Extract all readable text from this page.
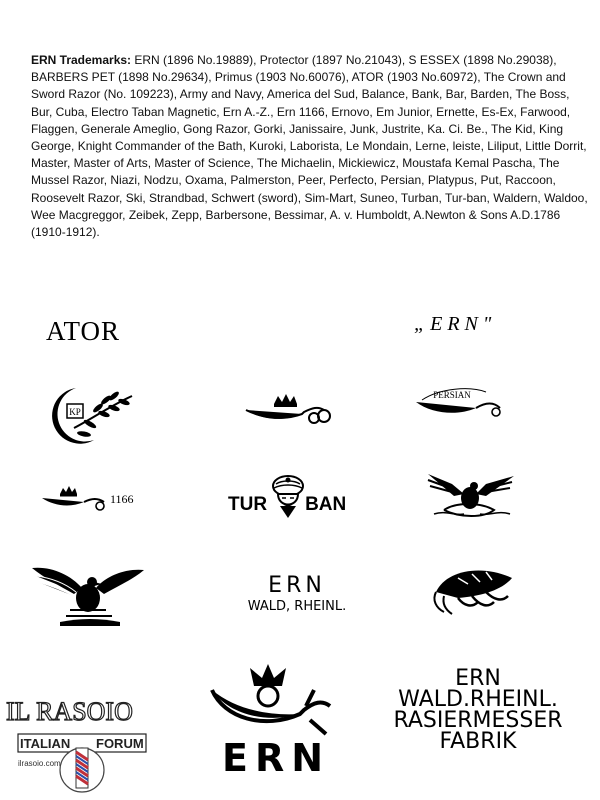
ERN Trademarks: ERN (1896 No.19889), Protector (1897 No.21043), S ESSEX (1898 No.29038), BARBERS PET (1898 No.29634), Primus (1903 No.60076), ATOR (1903 No.60972), The Crown and Sword Razor (No. 109223), Army and Navy, America del Sud, Balance, Bank, Bar, Barden, The Boss, Bur, Cuba, Electro Taban Magnetic, Ern A.-Z., Ern 1166, Ernovo, Em Junior, Ernette, Es-Ex, Farwood, Flaggen, Generale Ameglio, Gong Razor, Gorki, Janissaire, Junk, Justrite, Ka. Ci. Be., The Kid, King George, Knight Commander of the Bath, Kuroki, Laborista, Le Mondain, Lerne, leiste, Liliput, Little Dorrit, Master, Master of Arts, Master of Science, The Michaelin, Mickiewicz, Moustafa Kemal Pascha, The Mussel Razor, Niazi, Nodzu, Oxama, Palmerston, Peer, Perfecto, Persian, Platypus, Put, Raccoon, Roosevelt Razor, Ski, Strandbad, Schwert (sword), Sim-Mart, Suneo, Turban, Tur-ban, Waldern, Waldoo, Wee Macgreggor, Zeibek, Zepp, Barbersone, Bessimar, A. v. Humboldt, A.Newton & Sons A.D.1786 (1910-1912).
ATOR	„ERN"
KP
PERSIAN
1166	TUR BAN
ERN
WALD, RHEINL.
ERN
ERN
WALD.RHEINL.
RASIERMESSER
FABRIK
IL RASOIO
ITALIAN FORUM
ilrasoio.com
